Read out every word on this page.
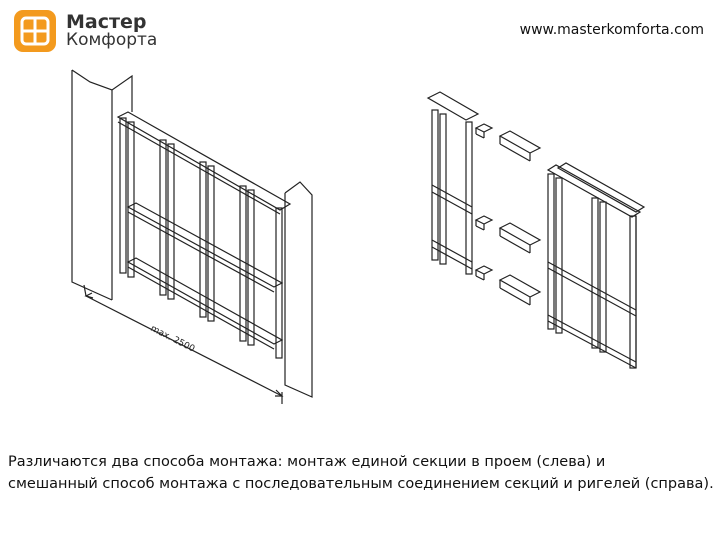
Мастер
Комфорта	www.masterkomforta.com
max. 2500
Различаются два способа монтажа: монтаж единой секции в проем (слева) и
смешанный способ монтажа с последовательным соединением секций и ригелей (справа).
